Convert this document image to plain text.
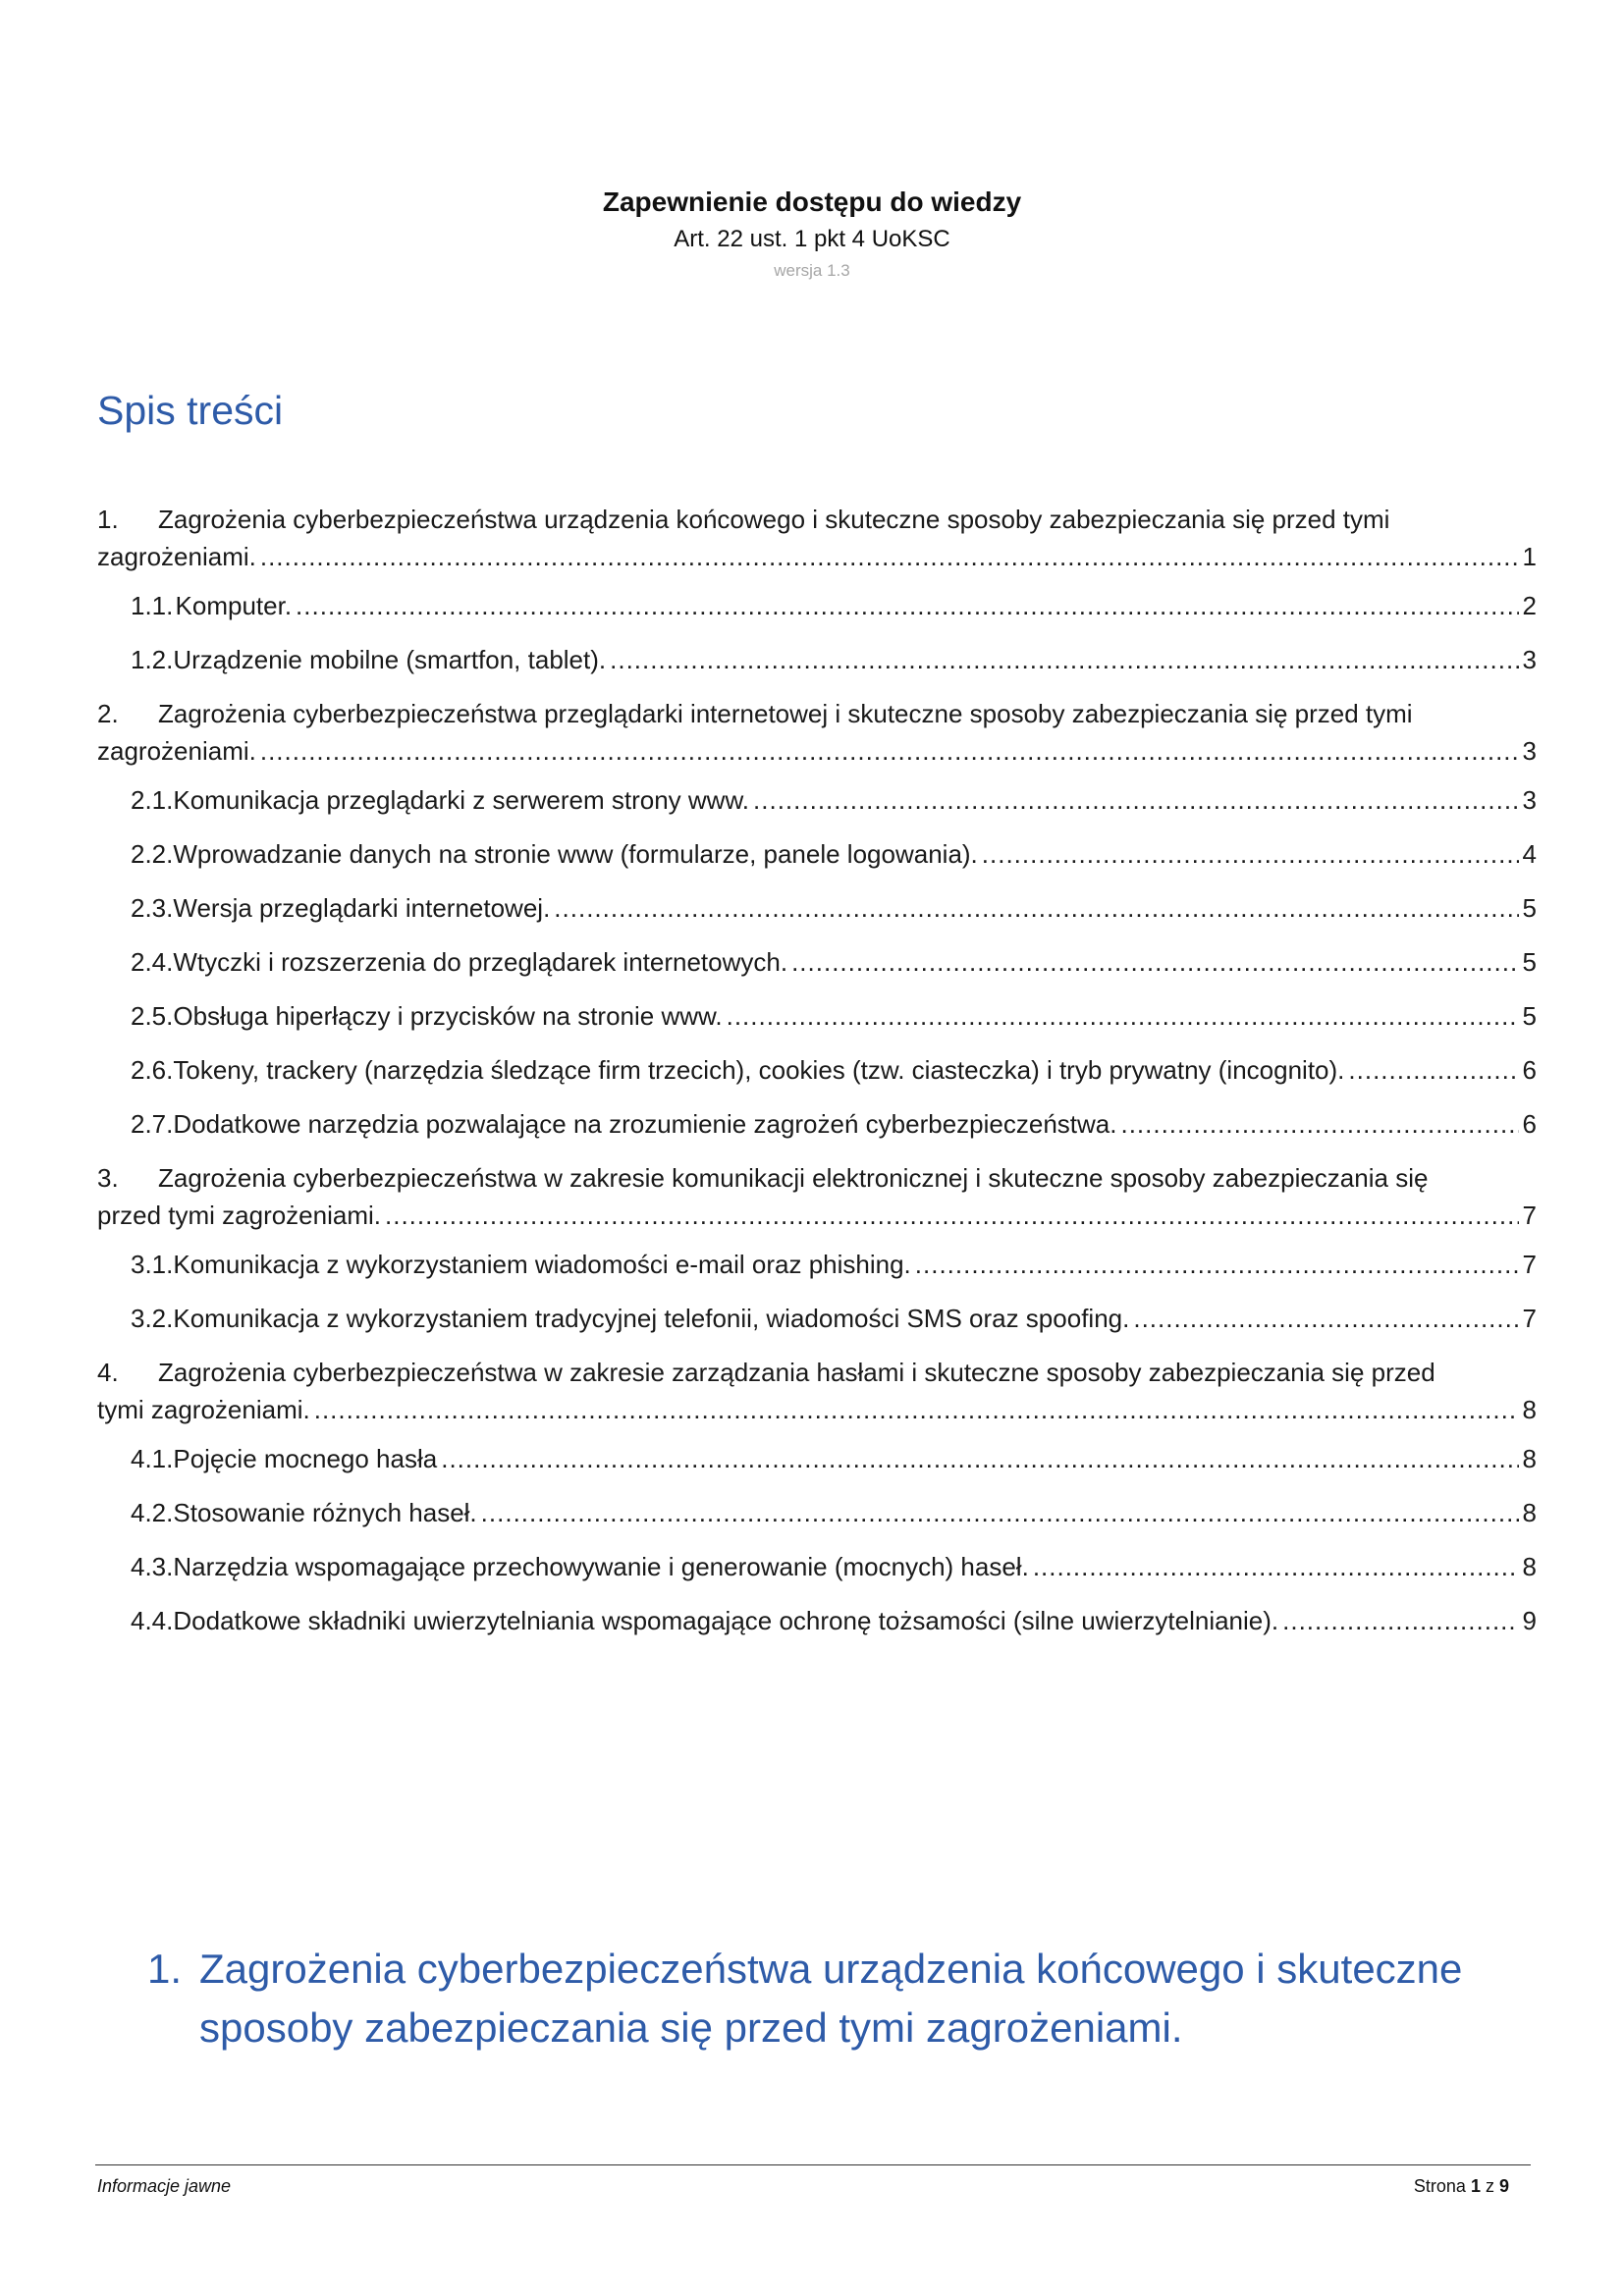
Zapewnienie dostępu do wiedzy

Art. 22 ust. 1 pkt 4 UoKSC

wersja 1.3

Spis treści
1. Zagrożenia cyberbezpieczeństwa urządzenia końcowego i skuteczne sposoby zabezpieczania się przed tymi
zagrożeniami. .....	1
1.1. Komputer. .....	2
1.2. Urządzenie mobilne (smartfon, tablet). .....	3
2. Zagrożenia cyberbezpieczeństwa przeglądarki internetowej i skuteczne sposoby zabezpieczania się przed tymi
zagrożeniami. .....	3
2.1. Komunikacja przeglądarki z serwerem strony www. .....	3
2.2. Wprowadzanie danych na stronie www (formularze, panele logowania). .....	4
2.3. Wersja przeglądarki internetowej. .....	5
2.4. Wtyczki i rozszerzenia do przeglądarek internetowych. .....	5
2.5. Obsługa hiperłączy i przycisków na stronie www. .....	5
2.6. Tokeny, trackery (narzędzia śledzące firm trzecich), cookies (tzw. ciasteczka) i tryb prywatny (incognito). .....	6
2.7. Dodatkowe narzędzia pozwalające na zrozumienie zagrożeń cyberbezpieczeństwa. .....	6
3. Zagrożenia cyberbezpieczeństwa w zakresie komunikacji elektronicznej i skuteczne sposoby zabezpieczania się
przed tymi zagrożeniami. .....	7
3.1. Komunikacja z wykorzystaniem wiadomości e-mail oraz phishing. .....	7
3.2. Komunikacja z wykorzystaniem tradycyjnej telefonii, wiadomości SMS oraz spoofing. .....	7
4. Zagrożenia cyberbezpieczeństwa w zakresie zarządzania hasłami i skuteczne sposoby zabezpieczania się przed
tymi zagrożeniami. .....	8
4.1. Pojęcie mocnego hasła .....	8
4.2. Stosowanie różnych haseł. .....	8
4.3. Narzędzia wspomagające przechowywanie i generowanie (mocnych) haseł. .....	8
4.4. Dodatkowe składniki uwierzytelniania wspomagające ochronę tożsamości (silne uwierzytelnianie). .....	9
1. Zagrożenia cyberbezpieczeństwa urządzenia końcowego i skuteczne sposoby zabezpieczania się przed tymi zagrożeniami.
Informacje jawne	Strona 1 z 9
